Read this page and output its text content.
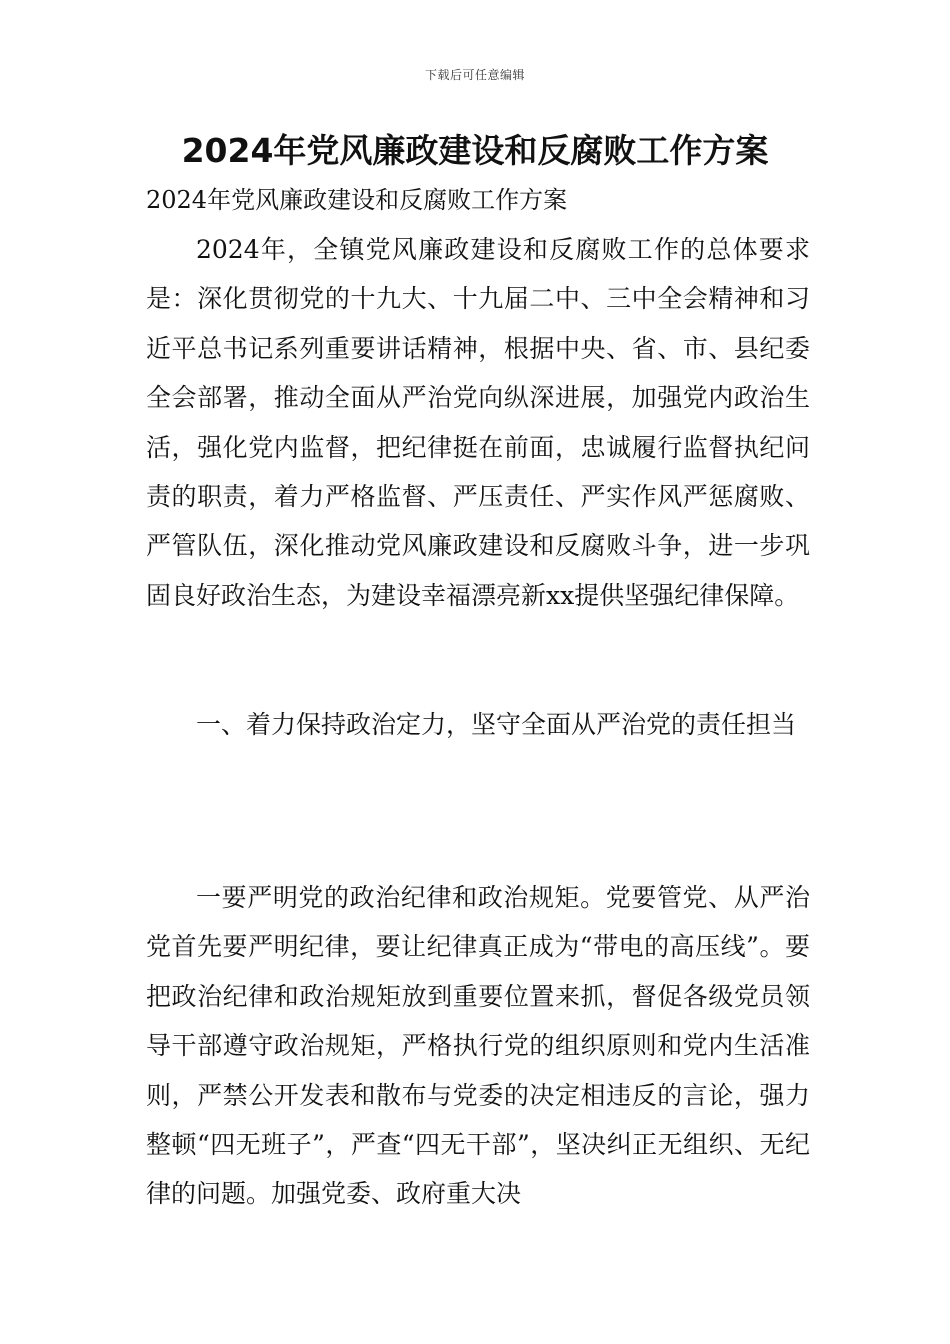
下载后可任意编辑
2024年党风廉政建设和反腐败工作方案

2024年党风廉政建设和反腐败工作方案

2024年，全镇党风廉政建设和反腐败工作的总体要求是：深化贯彻党的十九大、十九届二中、三中全会精神和习近平总书记系列重要讲话精神，根据中央、省、市、县纪委全会部署，推动全面从严治党向纵深进展，加强党内政治生活，强化党内监督，把纪律挺在前面，忠诚履行监督执纪问责的职责，着力严格监督、严压责任、严实作风严惩腐败、严管队伍，深化推动党风廉政建设和反腐败斗争，进一步巩固良好政治生态，为建设幸福漂亮新xx提供坚强纪律保障。

一、着力保持政治定力，坚守全面从严治党的责任担当

一要严明党的政治纪律和政治规矩。党要管党、从严治党首先要严明纪律，要让纪律真正成为“带电的高压线”。要把政治纪律和政治规矩放到重要位置来抓，督促各级党员领导干部遵守政治规矩，严格执行党的组织原则和党内生活准则，严禁公开发表和散布与党委的决定相违反的言论，强力整顿“四无班子”，严查“四无干部”，坚决纠正无组织、无纪律的问题。加强党委、政府重大决
